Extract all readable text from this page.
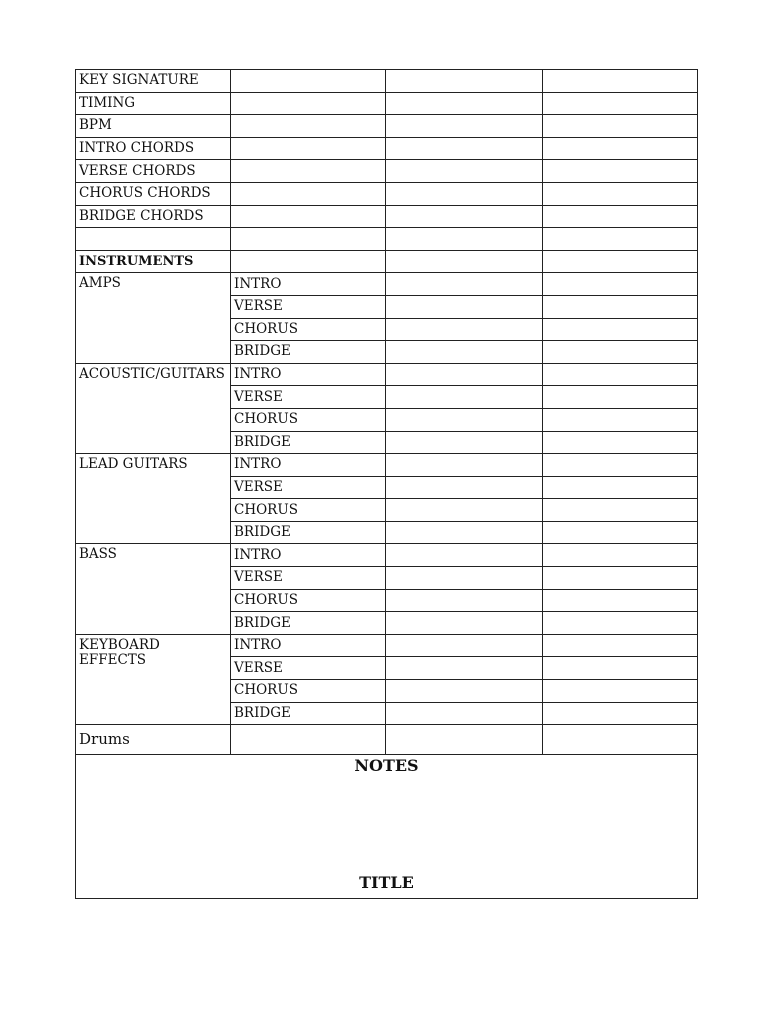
KEY SIGNATURE			
TIMING			
BPM			
INTRO CHORDS			
VERSE CHORDS			
CHORUS CHORDS			
BRIDGE CHORDS			

INSTRUMENTS			
AMPS	INTRO		
	VERSE		
	CHORUS		
	BRIDGE		
ACOUSTIC/GUITARS	INTRO		
	VERSE		
	CHORUS		
	BRIDGE		
LEAD GUITARS	INTRO		
	VERSE		
	CHORUS		
	BRIDGE		
BASS	INTRO		
	VERSE		
	CHORUS		
	BRIDGE		
KEYBOARD EFFECTS	INTRO		
	VERSE		
	CHORUS		
	BRIDGE		
Drums			

NOTES
TITLE			
